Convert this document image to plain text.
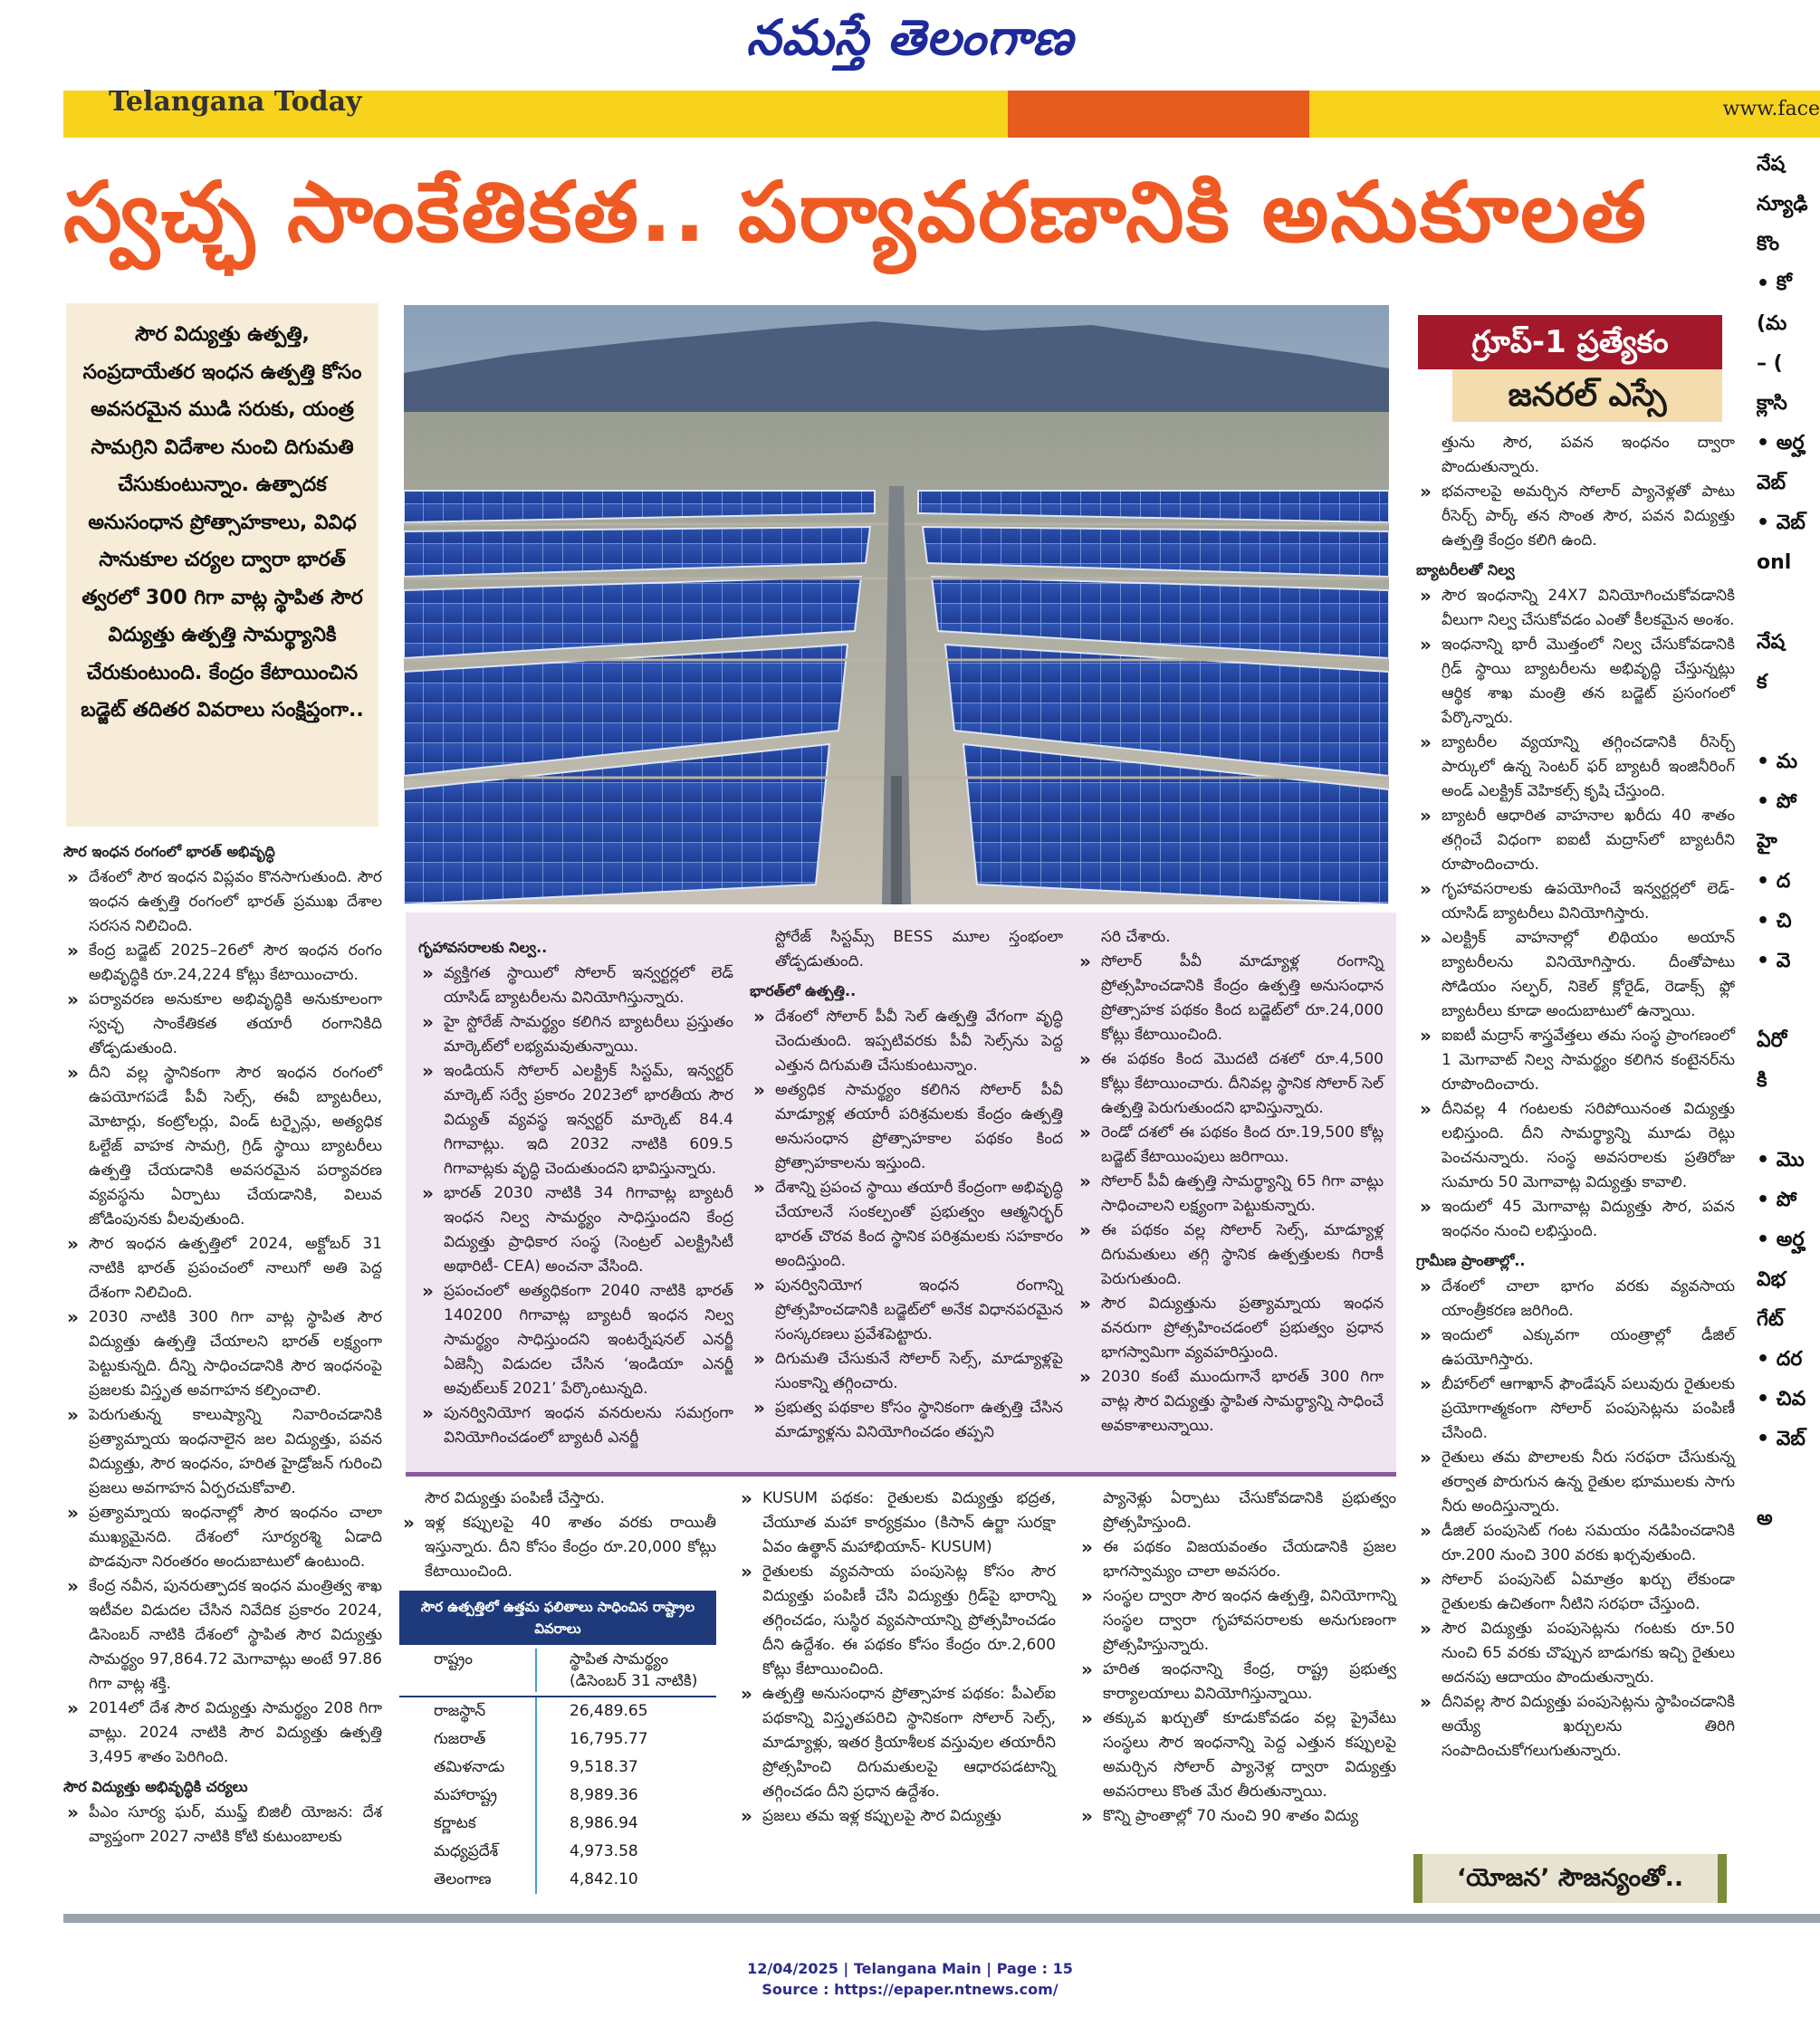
నమస్తే తెలంగాణ
Telangana Today	www.face
స్వచ్ఛ సాంకేతికత.. పర్యావరణానికి అనుకూలత
సౌర విద్యుత్తు ఉత్పత్తి, సంప్రదాయేతర ఇంధన ఉత్పత్తి కోసం అవసరమైన ముడి సరుకు, యంత్ర సామగ్రిని విదేశాల నుంచి దిగుమతి చేసుకుంటున్నాం. ఉత్పాదక అనుసంధాన ప్రోత్సాహకాలు, వివిధ సానుకూల చర్యల ద్వారా భారత్‌ త్వరలో 300 గిగా వాట్ల స్థాపిత సౌర విద్యుత్తు ఉత్పత్తి సామర్థ్యానికి చేరుకుంటుంది. కేంద్రం కేటాయించిన బడ్జెట్‌ తదితర వివరాలు సంక్షిప్తంగా..
సౌర ఇంధన రంగంలో భారత్‌ అభివృద్ధి

» దేశంలో సౌర ఇంధన విప్లవం కొనసాగుతుంది. సౌర ఇంధన ఉత్పత్తి రంగంలో భారత్‌ ప్రముఖ దేశాల సరసన నిలిచింది.

» కేంద్ర బడ్జెట్‌ 2025–26లో సౌర ఇంధన రంగం అభివృద్ధికి రూ.24,224 కోట్లు కేటాయించారు.

» పర్యావరణ అనుకూల అభివృద్ధికి అనుకూలంగా స్వచ్ఛ సాంకేతికత తయారీ రంగానికిది తోడ్పడుతుంది.

» దీని వల్ల స్థానికంగా సౌర ఇంధన రంగంలో ఉపయోగపడే పీవీ సెల్స్‌, ఈవీ బ్యాటరీలు, మోటార్లు, కంట్రోలర్లు, విండ్‌ టర్బైన్లు, అత్యధిక ఓల్టేజ్‌ వాహక సామగ్రి, గ్రిడ్‌ స్థాయి బ్యాటరీలు ఉత్పత్తి చేయడానికి అవసరమైన పర్యావరణ వ్యవస్థను ఏర్పాటు చేయడానికి, విలువ జోడింపునకు వీలవుతుంది.

» సౌర ఇంధన ఉత్పత్తిలో 2024, అక్టోబర్‌ 31 నాటికి భారత్‌ ప్రపంచంలో నాలుగో అతి పెద్ద దేశంగా నిలిచింది.

» 2030 నాటికి 300 గిగా వాట్ల స్థాపిత సౌర విద్యుత్తు ఉత్పత్తి చేయాలని భారత్‌ లక్ష్యంగా పెట్టుకున్నది. దీన్ని సాధించడానికి సౌర ఇంధనంపై ప్రజలకు విస్తృత అవగాహన కల్పించాలి.

» పెరుగుతున్న కాలుష్యాన్ని నివారించడానికి ప్రత్యామ్నాయ ఇంధనాలైన జల విద్యుత్తు, పవన విద్యుత్తు, సౌర ఇంధనం, హరిత హైడ్రోజన్‌ గురించి ప్రజలు అవగాహన ఏర్పరచుకోవాలి.

» ప్రత్యామ్నాయ ఇంధనాల్లో సౌర ఇంధనం చాలా ముఖ్యమైనది. దేశంలో సూర్యరశ్మి ఏడాది పొడవునా నిరంతరం అందుబాటులో ఉంటుంది.

» కేంద్ర నవీన, పునరుత్పాదక ఇంధన మంత్రిత్వ శాఖ ఇటీవల విడుదల చేసిన నివేదిక ప్రకారం 2024, డిసెంబర్‌ నాటికి దేశంలో స్థాపిత సౌర విద్యుత్తు సామర్థ్యం 97,864.72 మెగావాట్లు అంటే 97.86 గిగా వాట్ల శక్తి.

» 2014లో దేశ సౌర విద్యుత్తు సామర్థ్యం 208 గిగా వాట్లు. 2024 నాటికి సౌర విద్యుత్తు ఉత్పత్తి 3,495 శాతం పెరిగింది.

సౌర విద్యుత్తు అభివృద్ధికి చర్యలు

» పీఎం సూర్య ఘర్‌, ముఫ్త్‌ బిజిలీ యోజన: దేశ వ్యాప్తంగా 2027 నాటికి కోటి కుటుంబాలకు

గృహావసరాలకు నిల్వ..

» వ్యక్తిగత స్థాయిలో సోలార్‌ ఇన్వర్టర్లలో లెడ్‌ యాసిడ్‌ బ్యాటరీలను వినియోగిస్తున్నారు.

» హై స్టోరేజ్‌ సామర్థ్యం కలిగిన బ్యాటరీలు ప్రస్తుతం మార్కెట్‌లో లభ్యమవుతున్నాయి.

» ఇండియన్‌ సోలార్‌ ఎలక్ట్రిక్‌ సిస్టమ్‌, ఇన్వర్టర్‌ మార్కెట్‌ సర్వే ప్రకారం 2023లో భారతీయ సౌర విద్యుత్‌ వ్యవస్థ ఇన్వర్టర్‌ మార్కెట్‌ 84.4 గిగావాట్లు. ఇది 2032 నాటికి 609.5 గిగావాట్లకు వృద్ధి చెందుతుందని భావిస్తున్నారు.

» భారత్‌ 2030 నాటికి 34 గిగావాట్ల బ్యాటరీ ఇంధన నిల్వ సామర్థ్యం సాధిస్తుందని కేంద్ర విద్యుత్తు ప్రాధికార సంస్థ (సెంట్రల్‌ ఎలక్ట్రిసిటీ అథారిటీ- CEA) అంచనా వేసింది.

» ప్రపంచంలో అత్యధికంగా 2040 నాటికి భారత్‌ 140200 గిగావాట్ల బ్యాటరీ ఇంధన నిల్వ సామర్థ్యం సాధిస్తుందని ఇంటర్నేషనల్‌ ఎనర్జీ ఏజెన్సీ విడుదల చేసిన ‘ఇండియా ఎనర్జీ అవుట్‌లుక్‌ 2021’ పేర్కొంటున్నది.

» పునర్వినియోగ ఇంధన వనరులను సమగ్రంగా వినియోగించడంలో బ్యాటరీ ఎనర్జీ

స్టోరేజ్‌ సిస్టమ్స్‌ BESS మూల స్తంభంలా తోడ్పడుతుంది.

భారత్‌లో ఉత్పత్తి..

» దేశంలో సోలార్‌ పీవీ సెల్‌ ఉత్పత్తి వేగంగా వృద్ధి చెందుతుంది. ఇప్పటివరకు పీవీ సెల్స్‌ను పెద్ద ఎత్తున దిగుమతి చేసుకుంటున్నాం.

» అత్యధిక సామర్థ్యం కలిగిన సోలార్‌ పీవీ మాడ్యూళ్ల తయారీ పరిశ్రమలకు కేంద్రం ఉత్పత్తి అనుసంధాన ప్రోత్సాహకాల పథకం కింద ప్రోత్సాహకాలను ఇస్తుంది.

» దేశాన్ని ప్రపంచ స్థాయి తయారీ కేంద్రంగా అభివృద్ధి చేయాలనే సంకల్పంతో ప్రభుత్వం ఆత్మనిర్భర్‌ భారత్‌ చొరవ కింద స్థానిక పరిశ్రమలకు సహకారం అందిస్తుంది.

» పునర్వినియోగ ఇంధన రంగాన్ని ప్రోత్సహించడానికి బడ్జెట్‌లో అనేక విధానపరమైన సంస్కరణలు ప్రవేశపెట్టారు.

» దిగుమతి చేసుకునే సోలార్‌ సెల్స్‌, మాడ్యూళ్లపై సుంకాన్ని తగ్గించారు.

» ప్రభుత్వ పథకాల కోసం స్థానికంగా ఉత్పత్తి చేసిన మాడ్యూళ్లను వినియోగించడం తప్పని

సరి చేశారు.

» సోలార్‌ పీవీ మాడ్యూళ్ల రంగాన్ని ప్రోత్సహించడానికి కేంద్రం ఉత్పత్తి అనుసంధాన ప్రోత్సాహక పథకం కింద బడ్జెట్‌లో రూ.24,000 కోట్లు కేటాయించింది.

» ఈ పథకం కింద మొదటి దశలో రూ.4,500 కోట్లు కేటాయించారు. దీనివల్ల స్థానిక సోలార్‌ సెల్‌ ఉత్పత్తి పెరుగుతుందని భావిస్తున్నారు.

» రెండో దశలో ఈ పథకం కింద రూ.19,500 కోట్ల బడ్జెట్‌ కేటాయింపులు జరిగాయి.

» సోలార్‌ పీవీ ఉత్పత్తి సామర్థ్యాన్ని 65 గిగా వాట్లు సాధించాలని లక్ష్యంగా పెట్టుకున్నారు.

» ఈ పథకం వల్ల సోలార్‌ సెల్స్‌, మాడ్యూళ్ల దిగుమతులు తగ్గి స్థానిక ఉత్పత్తులకు గిరాకీ పెరుగుతుంది.

» సౌర విద్యుత్తును ప్రత్యామ్నాయ ఇంధన వనరుగా ప్రోత్సహించడంలో ప్రభుత్వం ప్రధాన భాగస్వామిగా వ్యవహరిస్తుంది.

» 2030 కంటే ముందుగానే భారత్‌ 300 గిగా వాట్ల సౌర విద్యుత్తు స్థాపిత సామర్థ్యాన్ని సాధించే అవకాశాలున్నాయి.

సౌర విద్యుత్తు పంపిణీ చేస్తారు.

» ఇళ్ల కప్పులపై 40 శాతం వరకు రాయితీ ఇస్తున్నారు. దీని కోసం కేంద్రం రూ.20,000 కోట్లు కేటాయించింది.

సౌర ఉత్పత్తిలో ఉత్తమ ఫలితాలు సాధించిన రాష్ట్రాల వివరాలు
రాష్ట్రం	స్థాపిత సామర్థ్యం (డిసెంబర్‌ 31 నాటికి)
రాజస్థాన్‌	26,489.65
గుజరాత్‌	16,795.77
తమిళనాడు	9,518.37
మహారాష్ట్ర	8,989.36
కర్ణాటక	8,986.94
మధ్యప్రదేశ్‌	4,973.58
తెలంగాణ	4,842.10

» KUSUM పథకం: రైతులకు విద్యుత్తు భద్రత, చేయూత మహా కార్యక్రమం (కిసాన్‌ ఉర్జా సురక్షా ఏవం ఉత్థాన్‌ మహాభియాన్‌- KUSUM)

» రైతులకు వ్యవసాయ పంపుసెట్ల కోసం సౌర విద్యుత్తు పంపిణీ చేసి విద్యుత్తు గ్రిడ్‌పై భారాన్ని తగ్గించడం, సుస్థిర వ్యవసాయాన్ని ప్రోత్సహించడం దీని ఉద్దేశం. ఈ పథకం కోసం కేంద్రం రూ.2,600 కోట్లు కేటాయించింది.

» ఉత్పత్తి అనుసంధాన ప్రోత్సాహక పథకం: పీఎల్‌ఐ పథకాన్ని విస్తృతపరిచి స్థానికంగా సోలార్‌ సెల్స్‌, మాడ్యూళ్లు, ఇతర క్రియాశీలక వస్తువుల తయారీని ప్రోత్సహించి దిగుమతులపై ఆధారపడటాన్ని తగ్గించడం దీని ప్రధాన ఉద్దేశం.

» ప్రజలు తమ ఇళ్ల కప్పులపై సౌర విద్యుత్తు

ప్యానెళ్లు ఏర్పాటు చేసుకోవడానికి ప్రభుత్వం ప్రోత్సహిస్తుంది.

» ఈ పథకం విజయవంతం చేయడానికి ప్రజల భాగస్వామ్యం చాలా అవసరం.

» సంస్థల ద్వారా సౌర ఇంధన ఉత్పత్తి, వినియోగాన్ని సంస్థల ద్వారా గృహావసరాలకు అనుగుణంగా ప్రోత్సహిస్తున్నారు.

» హరిత ఇంధనాన్ని కేంద్ర, రాష్ట్ర ప్రభుత్వ కార్యాలయాలు వినియోగిస్తున్నాయి.

» తక్కువ ఖర్చుతో కూడుకోవడం వల్ల ప్రైవేటు సంస్థలు సౌర ఇంధనాన్ని పెద్ద ఎత్తున కప్పులపై అమర్చిన సోలార్‌ ప్యానెళ్ల ద్వారా విద్యుత్తు అవసరాలు కొంత మేర తీరుతున్నాయి.

» కొన్ని ప్రాంతాల్లో 70 నుంచి 90 శాతం విద్యు

గ్రూప్‌-1 ప్రత్యేకం
జనరల్‌ ఎస్సే

త్తును సౌర, పవన ఇంధనం ద్వారా పొందుతున్నారు.

» భవనాలపై అమర్చిన సోలార్‌ ప్యానెళ్లతో పాటు రీసెర్చ్‌ పార్క్‌ తన సొంత సౌర, పవన విద్యుత్తు ఉత్పత్తి కేంద్రం కలిగి ఉంది.

బ్యాటరీలతో నిల్వ

» సౌర ఇంధనాన్ని 24X7 వినియోగించుకోవడానికి వీలుగా నిల్వ చేసుకోవడం ఎంతో కీలకమైన అంశం.

» ఇంధనాన్ని భారీ మొత్తంలో నిల్వ చేసుకోవడానికి గ్రిడ్‌ స్థాయి బ్యాటరీలను అభివృద్ధి చేస్తున్నట్లు ఆర్థిక శాఖ మంత్రి తన బడ్జెట్‌ ప్రసంగంలో పేర్కొన్నారు.

» బ్యాటరీల వ్యయాన్ని తగ్గించడానికి రీసెర్చ్‌ పార్కులో ఉన్న సెంటర్‌ ఫర్‌ బ్యాటరీ ఇంజినీరింగ్‌ అండ్‌ ఎలక్ట్రిక్‌ వెహికల్స్‌ కృషి చేస్తుంది.

» బ్యాటరీ ఆధారిత వాహనాల ఖరీదు 40 శాతం తగ్గించే విధంగా ఐఐటీ మద్రాస్‌లో బ్యాటరీని రూపొందించారు.

» గృహావసరాలకు ఉపయోగించే ఇన్వర్టర్లలో లెడ్‌-యాసిడ్‌ బ్యాటరీలు వినియోగిస్తారు.

» ఎలక్ట్రిక్‌ వాహనాల్లో లిథియం అయాన్‌ బ్యాటరీలను వినియోగిస్తారు. దీంతోపాటు సోడియం సల్ఫర్‌, నికెల్‌ క్లోరైడ్‌, రెడాక్స్‌ ఫ్లో బ్యాటరీలు కూడా అందుబాటులో ఉన్నాయి.

» ఐఐటీ మద్రాస్‌ శాస్త్రవేత్తలు తమ సంస్థ ప్రాంగణంలో 1 మెగావాట్‌ నిల్వ సామర్థ్యం కలిగిన కంటైనర్‌ను రూపొందించారు.

» దీనివల్ల 4 గంటలకు సరిపోయినంత విద్యుత్తు లభిస్తుంది. దీని సామర్థ్యాన్ని మూడు రెట్లు పెంచనున్నారు. సంస్థ అవసరాలకు ప్రతిరోజు సుమారు 50 మెగావాట్ల విద్యుత్తు కావాలి.

» ఇందులో 45 మెగావాట్ల విద్యుత్తు సౌర, పవన ఇంధనం నుంచి లభిస్తుంది.

గ్రామీణ ప్రాంతాల్లో..

» దేశంలో చాలా భాగం వరకు వ్యవసాయ యాంత్రీకరణ జరిగింది.

» ఇందులో ఎక్కువగా యంత్రాల్లో డీజిల్‌ ఉపయోగిస్తారు.

» బీహార్‌లో ఆగాఖాన్‌ ఫౌండేషన్‌ పలువురు రైతులకు ప్రయోగాత్మకంగా సోలార్‌ పంపుసెట్లను పంపిణీ చేసింది.

» రైతులు తమ పొలాలకు నీరు సరఫరా చేసుకున్న తర్వాత పొరుగున ఉన్న రైతుల భూములకు సాగు నీరు అందిస్తున్నారు.

» డీజిల్‌ పంపుసెట్‌ గంట సమయం నడిపించడానికి రూ.200 నుంచి 300 వరకు ఖర్చవుతుంది.

» సోలార్‌ పంపుసెట్‌ ఏమాత్రం ఖర్చు లేకుండా రైతులకు ఉచితంగా నీటిని సరఫరా చేస్తుంది.

» సౌర విద్యుత్తు పంపుసెట్లను గంటకు రూ.50 నుంచి 65 వరకు చొప్పున బాడుగకు ఇచ్చి రైతులు అదనపు ఆదాయం పొందుతున్నారు.

» దీనివల్ల సౌర విద్యుత్తు పంపుసెట్లను స్థాపించడానికి అయ్యే ఖర్చులను తిరిగి సంపాదించుకోగలుగుతున్నారు.

‘యోజన’ సౌజన్యంతో..
నేష
న్యూఢి
కొం
• కో
(మ
– (
క్లాసి
• అర్హ
వెబ్
• వెబ్
onl

నేష
క

• మ
• పో
హై
• ద
• చి
• వె

ఏరో
కి

• మొ
• పో
• అర్హ
విభ
గేట్
• దర
• చివ
• వెబ్

అ
12/04/2025 | Telangana Main | Page : 15
Source : https://epaper.ntnews.com/
